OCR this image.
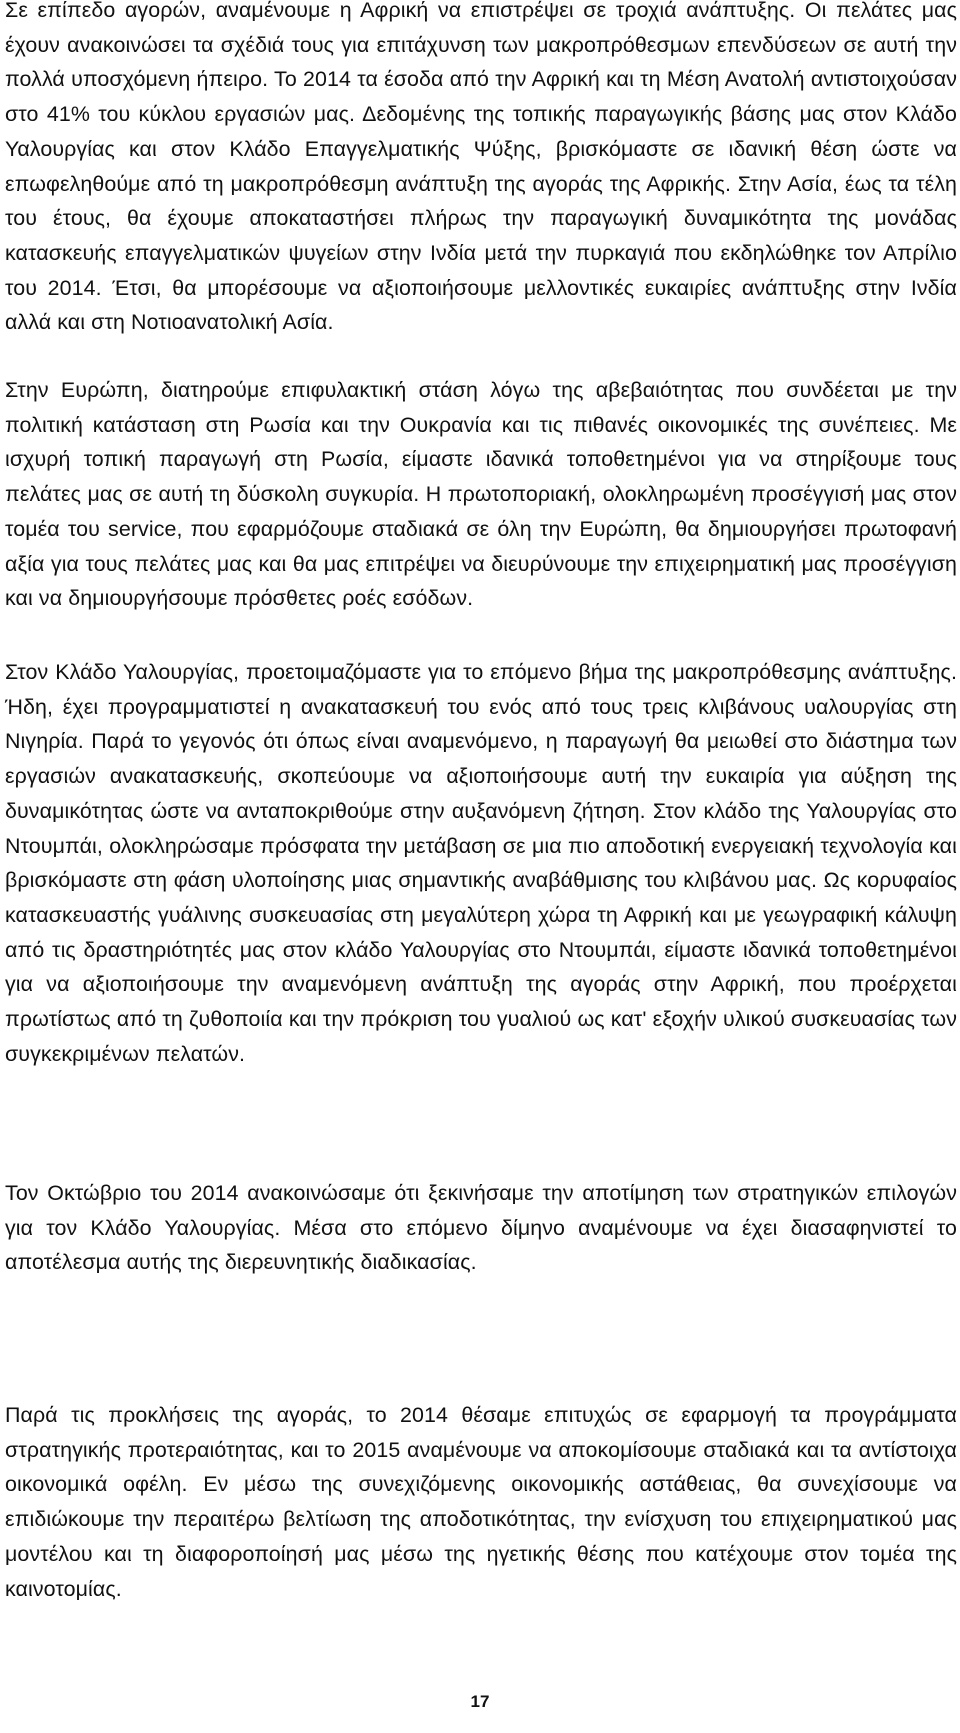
Σε επίπεδο αγορών, αναμένουμε η Αφρική να επιστρέψει σε τροχιά ανάπτυξης. Οι πελάτες μας έχουν ανακοινώσει τα σχέδιά τους για επιτάχυνση των μακροπρόθεσμων επενδύσεων σε αυτή την πολλά υποσχόμενη ήπειρο. Το 2014 τα έσοδα από την Αφρική και τη Μέση Ανατολή αντιστοιχούσαν στο 41% του κύκλου εργασιών μας. Δεδομένης της τοπικής παραγωγικής βάσης μας στον Κλάδο Υαλουργίας και στον Κλάδο Επαγγελματικής Ψύξης, βρισκόμαστε σε ιδανική θέση ώστε να επωφεληθούμε από τη μακροπρόθεσμη ανάπτυξη της αγοράς της Αφρικής. Στην Ασία, έως τα τέλη του έτους, θα έχουμε αποκαταστήσει πλήρως την παραγωγική δυναμικότητα της μονάδας κατασκευής επαγγελματικών ψυγείων στην Ινδία μετά την πυρκαγιά που εκδηλώθηκε τον Απρίλιο του 2014. Έτσι, θα μπορέσουμε να αξιοποιήσουμε μελλοντικές ευκαιρίες ανάπτυξης στην Ινδία αλλά και στη Νοτιοανατολική Ασία.

Στην Ευρώπη, διατηρούμε επιφυλακτική στάση λόγω της αβεβαιότητας που συνδέεται με την πολιτική κατάσταση στη Ρωσία και την Ουκρανία και τις πιθανές οικονομικές της συνέπειες. Με ισχυρή τοπική παραγωγή στη Ρωσία, είμαστε ιδανικά τοποθετημένοι για να στηρίξουμε τους πελάτες μας σε αυτή τη δύσκολη συγκυρία. Η πρωτοποριακή, ολοκληρωμένη προσέγγισή μας στον τομέα του service, που εφαρμόζουμε σταδιακά σε όλη την Ευρώπη, θα δημιουργήσει πρωτοφανή αξία για τους πελάτες μας και θα μας επιτρέψει να διευρύνουμε την επιχειρηματική μας προσέγγιση και να δημιουργήσουμε πρόσθετες ροές εσόδων.

Στον Κλάδο Υαλουργίας, προετοιμαζόμαστε για το επόμενο βήμα της μακροπρόθεσμης ανάπτυξης. Ήδη, έχει προγραμματιστεί η ανακατασκευή του ενός από τους τρεις κλιβάνους υαλουργίας στη Νιγηρία. Παρά το γεγονός ότι όπως είναι αναμενόμενο, η παραγωγή θα μειωθεί στο διάστημα των εργασιών ανακατασκευής, σκοπεύουμε να αξιοποιήσουμε αυτή την ευκαιρία για αύξηση της δυναμικότητας ώστε να ανταποκριθούμε στην αυξανόμενη ζήτηση. Στον κλάδο της Υαλουργίας στο Ντουμπάι, ολοκληρώσαμε πρόσφατα την μετάβαση σε μια πιο αποδοτική ενεργειακή τεχνολογία και βρισκόμαστε στη φάση υλοποίησης μιας σημαντικής αναβάθμισης του κλιβάνου μας. Ως κορυφαίος κατασκευαστής γυάλινης συσκευασίας στη μεγαλύτερη χώρα τη Αφρική και με γεωγραφική κάλυψη από τις δραστηριότητές μας στον κλάδο Υαλουργίας στο Ντουμπάι, είμαστε ιδανικά τοποθετημένοι για να αξιοποιήσουμε την αναμενόμενη ανάπτυξη της αγοράς στην Αφρική, που προέρχεται πρωτίστως από τη ζυθοποιία και την πρόκριση του γυαλιού ως κατ' εξοχήν υλικού συσκευασίας των συγκεκριμένων πελατών.

Τον Οκτώβριο του 2014 ανακοινώσαμε ότι ξεκινήσαμε την αποτίμηση των στρατηγικών επιλογών για τον Κλάδο Υαλουργίας. Μέσα στο επόμενο δίμηνο αναμένουμε να έχει διασαφηνιστεί το αποτέλεσμα αυτής της διερευνητικής διαδικασίας.

Παρά τις προκλήσεις της αγοράς, το 2014 θέσαμε επιτυχώς σε εφαρμογή τα προγράμματα στρατηγικής προτεραιότητας, και το 2015 αναμένουμε να αποκομίσουμε σταδιακά και τα αντίστοιχα οικονομικά οφέλη. Εν μέσω της συνεχιζόμενης οικονομικής αστάθειας, θα συνεχίσουμε να επιδιώκουμε την περαιτέρω βελτίωση της αποδοτικότητας, την ενίσχυση του επιχειρηματικού μας μοντέλου και τη διαφοροποίησή μας μέσω της ηγετικής θέσης που κατέχουμε στον τομέα της καινοτομίας.

17
